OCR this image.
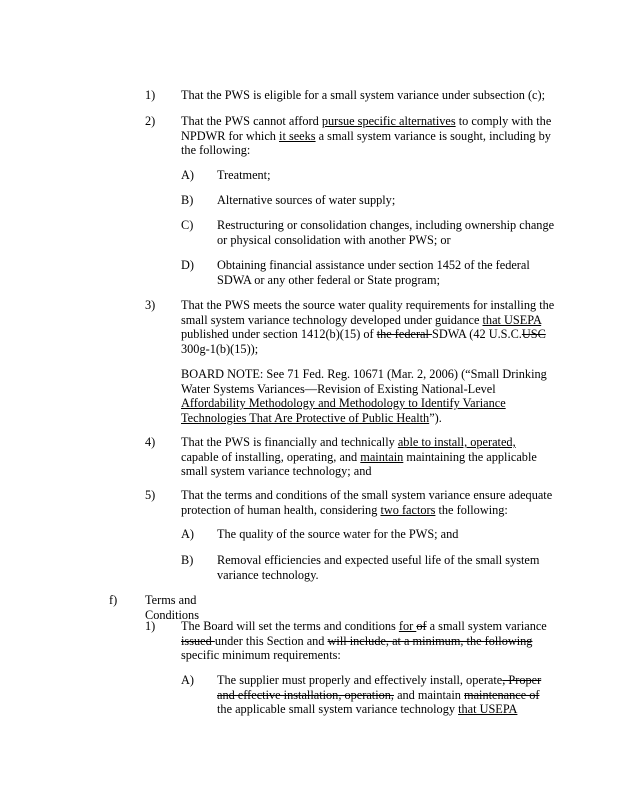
1) That the PWS is eligible for a small system variance under subsection (c);
2) That the PWS cannot afford pursue specific alternatives to comply with the NPDWR for which it seeks a small system variance is sought, including by the following:
A) Treatment;
B) Alternative sources of water supply;
C) Restructuring or consolidation changes, including ownership change or physical consolidation with another PWS; or
D) Obtaining financial assistance under section 1452 of the federal SDWA or any other federal or State program;
3) That the PWS meets the source water quality requirements for installing the small system variance technology developed under guidance that USEPA published under section 1412(b)(15) of the federal SDWA (42 U.S.C.USC 300g-1(b)(15));
BOARD NOTE: See 71 Fed. Reg. 10671 (Mar. 2, 2006) (“Small Drinking Water Systems Variances—Revision of Existing National-Level Affordability Methodology and Methodology to Identify Variance Technologies That Are Protective of Public Health”).
4) That the PWS is financially and technically able to install, operated, capable of installing, operating, and maintain maintaining the applicable small system variance technology; and
5) That the terms and conditions of the small system variance ensure adequate protection of human health, considering two factors the following:
A) The quality of the source water for the PWS; and
B) Removal efficiencies and expected useful life of the small system variance technology.
f) Terms and Conditions
1) The Board will set the terms and conditions for of a small system variance issued under this Section and will include, at a minimum, the following specific minimum requirements:
A) The supplier must properly and effectively install, operate, Proper and effective installation, operation, and maintain maintenance of the applicable small system variance technology that USEPA
